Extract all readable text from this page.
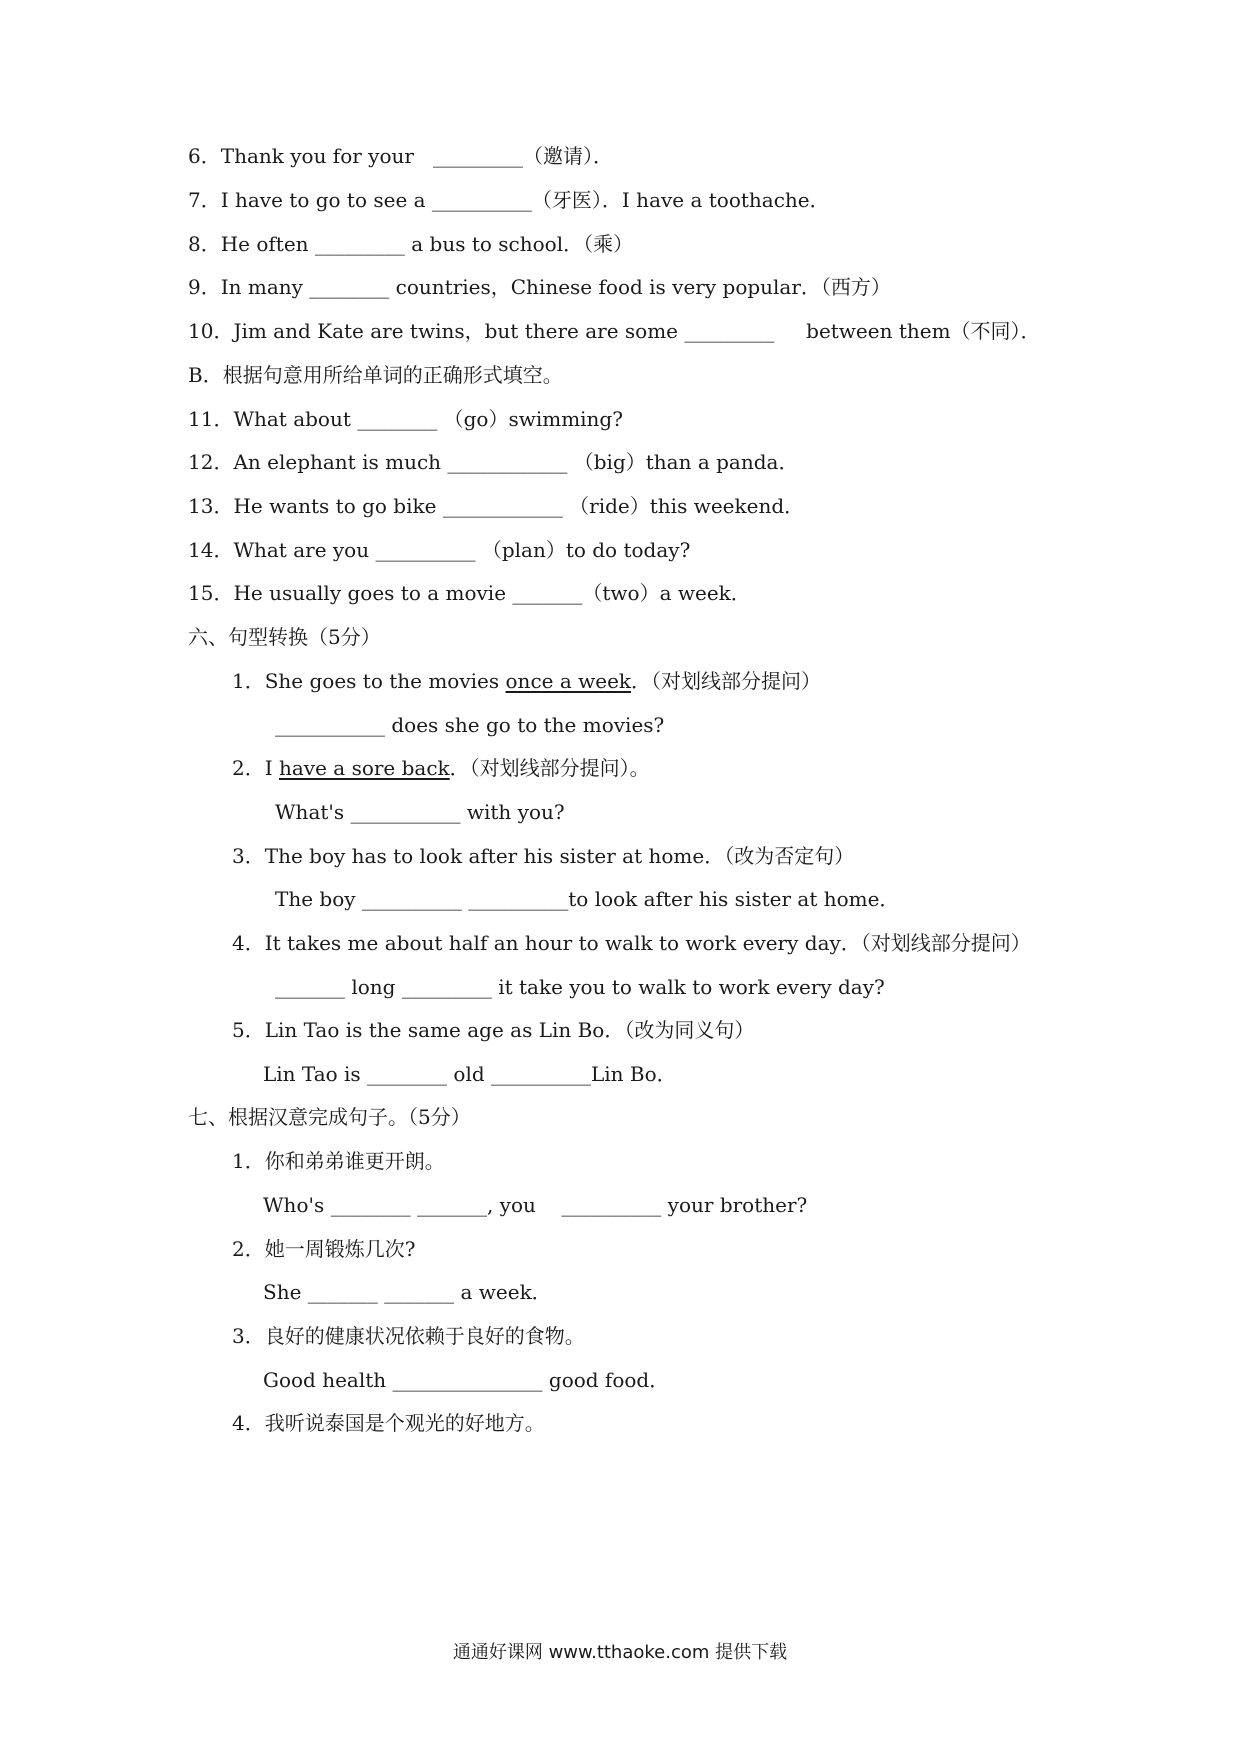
6．Thank you for your   _________（邀请）．
7．I have to go to see a __________（牙医）．I have a toothache．
8．He often _________ a bus to school．（乘）
9．In many ________ countries，Chinese food is very popular．（西方）
10．Jim and Kate are twins，but there are some _________     between them（不同）．
B．根据句意用所给单词的正确形式填空。
11．What about ________ （go）swimming?
12．An elephant is much ____________ （big）than a panda．
13．He wants to go bike ____________ （ride）this weekend．
14．What are you __________ （plan）to do today?
15．He usually goes to a movie _______（two）a week．
六、句型转换（5分）
1．She goes to the movies once a week．（对划线部分提问）
___________ does she go to the movies?
2．I have a sore back．（对划线部分提问）。
What's ___________ with you?
3．The boy has to look after his sister at home．（改为否定句）
The boy __________ __________to look after his sister at home．
4．It takes me about half an hour to walk to work every day．（对划线部分提问）
_______ long _________ it take you to walk to work every day?
5．Lin Tao is the same age as Lin Bo．（改为同义句）
Lin Tao is ________ old __________Lin Bo．
七、根据汉意完成句子。（5分）
1．你和弟弟谁更开朗。
Who's ________ _______, you    __________ your brother?
2．她一周锻炼几次?
She _______ _______ a week．
3．良好的健康状况依赖于良好的食物。
Good health _______________ good food．
4．我听说泰国是个观光的好地方。
通通好课网 www.tthaoke.com 提供下载
